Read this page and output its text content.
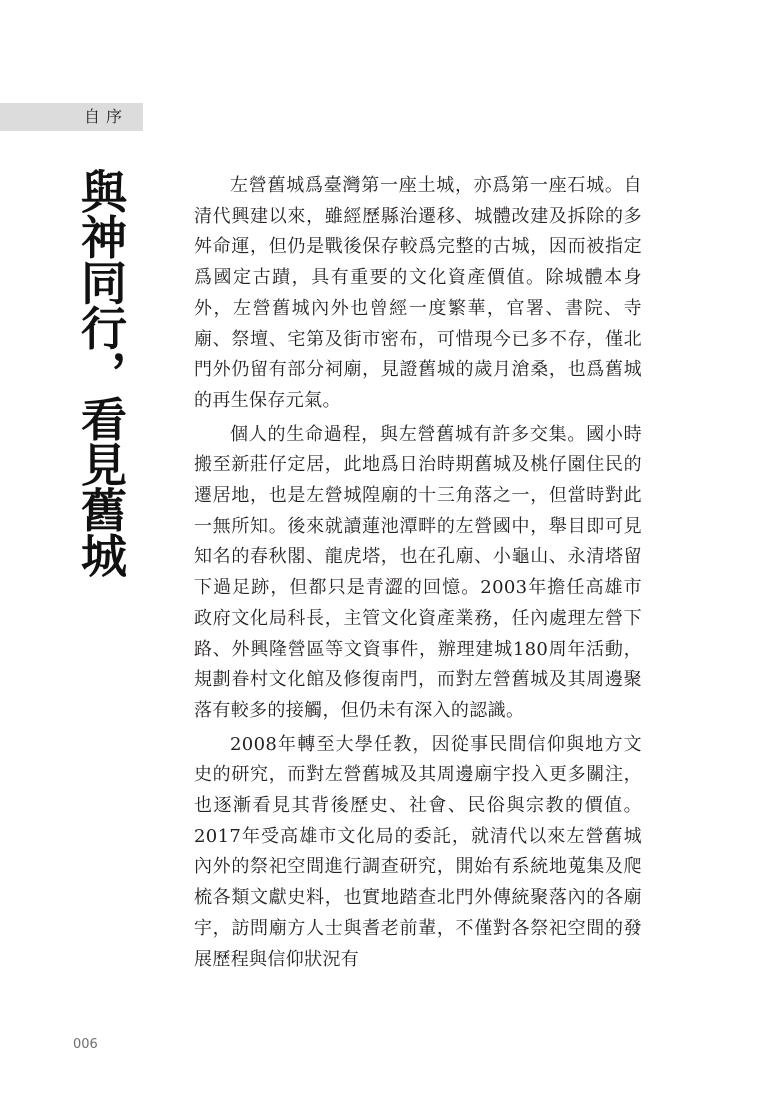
自序
與神同行，看見舊城	左營舊城爲臺灣第一座土城，亦爲第一座石城。自清代興建以來，雖經歷縣治遷移、城體改建及拆除的多舛命運，但仍是戰後保存較爲完整的古城，因而被指定爲國定古蹟，具有重要的文化資產價值。除城體本身外，左營舊城內外也曾經一度繁華，官署、書院、寺廟、祭壇、宅第及街市密布，可惜現今已多不存，僅北門外仍留有部分祠廟，見證舊城的歲月滄桑，也爲舊城的再生保存元氣。

個人的生命過程，與左營舊城有許多交集。國小時搬至新莊仔定居，此地爲日治時期舊城及桃仔園住民的遷居地，也是左營城隍廟的十三角落之一，但當時對此一無所知。後來就讀蓮池潭畔的左營國中，舉目即可見知名的春秋閣、龍虎塔，也在孔廟、小龜山、永清塔留下過足跡，但都只是青澀的回憶。2003年擔任高雄市政府文化局科長，主管文化資產業務，任內處理左營下路、外興隆營區等文資事件，辦理建城180周年活動，規劃眷村文化館及修復南門，而對左營舊城及其周邊聚落有較多的接觸，但仍未有深入的認識。

2008年轉至大學任教，因從事民間信仰與地方文史的研究，而對左營舊城及其周邊廟宇投入更多關注，也逐漸看見其背後歷史、社會、民俗與宗教的價值。2017年受高雄市文化局的委託，就清代以來左營舊城內外的祭祀空間進行調查研究，開始有系統地蒐集及爬梳各類文獻史料，也實地踏查北門外傳統聚落內的各廟宇，訪問廟方人士與耆老前輩，不僅對各祭祀空間的發展歷程與信仰狀況有

006
